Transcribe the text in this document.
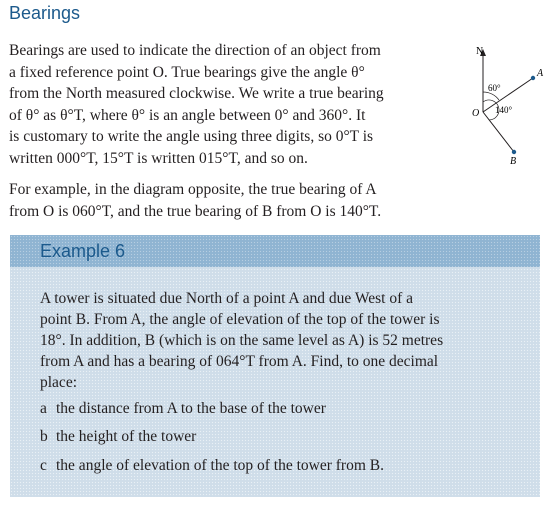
Bearings

Bearings are used to indicate the direction of an object from
a fixed reference point O. True bearings give the angle θ°
from the North measured clockwise. We write a true bearing
of θ° as θ°T, where θ° is an angle between 0° and 360°. It
is customary to write the angle using three digits, so 0°T is
written 000°T, 15°T is written 015°T, and so on.

N
A
B
60°
140°
O

For example, in the diagram opposite, the true bearing of A
from O is 060°T, and the true bearing of B from O is 140°T.

Example 6

A tower is situated due North of a point A and due West of a
point B. From A, the angle of elevation of the top of the tower is
18°. In addition, B (which is on the same level as A) is 52 metres
from A and has a bearing of 064°T from A. Find, to one decimal
place:

a the distance from A to the base of the tower
b the height of the tower
c the angle of elevation of the top of the tower from B.
